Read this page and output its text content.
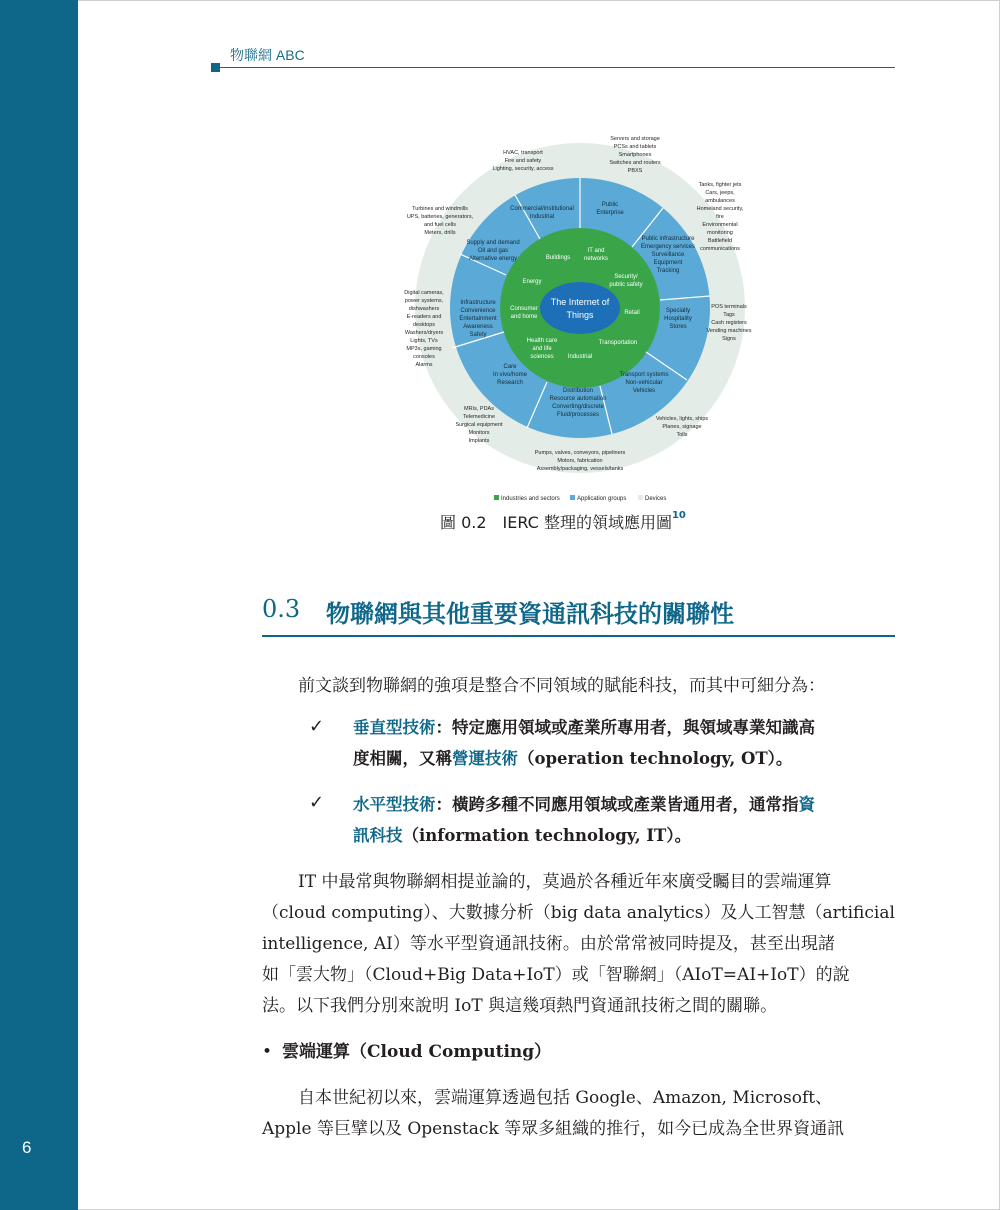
6
物聯網 ABC
The Internet of
Things
Buildings
IT and
networks
Security/
public safety
Retail
Transportation
Industrial
Health care
and life
sciences
Consumer
and home
Energy
Commercial/institutional
Industrial
Public
Enterprise
Public infrastructure
Emergency services
Surveillance
Equipment
Tracking
Specialty
Hospitality
Stores
Transport systems
Non-vehicular
Vehicles
Distribution
Resource automation
Converting/discrete
Fluid/processes
Care
In vivo/home
Research
Infrastructure
Convenience
Entertainment
Awareness
Safety
Supply and demand
Oil and gas
Alternative energy
HVAC, transport
Fire and safety
Lighting, security, access
Servers and storage
PCSs and tablets
Smartphones
Switches and routers
PBXS
Tanks, fighter jets
Cars, jeeps,
ambulances
Homeland security,
fire
Environmental
monitoring
Battlefield
communications
POS terminals
Tags
Cash registers
Vending machines
Signs
Vehicles, lights, ships
Planes, signage
Tolls
Pumps, valves, conveyors, pipeliners
Motors, fabrication
Assembly/packaging, vessels/tanks
MRIs, PDAs
Telemedicine
Surgical equipment
Monitors
Implants
Digital cameras,
power systems,
dishwashers
E-readers and
desktops
Washers/dryers
Lights, TVs
MP3s, gaming
consoles
Alarms
Turbines and windmills
UPS, batteries, generators,
and fuel cells
Meters, drills
Industries and sectors	Application groups	Devices
圖 0.2　IERC 整理的領域應用圖$^{10}$
0.3 物聯網與其他重要資通訊科技的關聯性
前文談到物聯網的強項是整合不同領域的賦能科技，而其中可細分為：
✓ 垂直型技術：特定應用領域或產業所專用者，與領域專業知識高
度相關，又稱營運技術（operation technology, OT）。
✓ 水平型技術：橫跨多種不同應用領域或產業皆通用者，通常指資
訊科技（information technology, IT）。
IT 中最常與物聯網相提並論的，莫過於各種近年來廣受矚目的雲端運算
（cloud computing）、大數據分析（big data analytics）及人工智慧（artificial
intelligence, AI）等水平型資通訊技術。由於常常被同時提及，甚至出現諸
如「雲大物」（Cloud+Big Data+IoT）或「智聯網」（AIoT=AI+IoT）的說
法。以下我們分別來說明 IoT 與這幾項熱門資通訊技術之間的關聯。
• 雲端運算（Cloud Computing）
自本世紀初以來，雲端運算透過包括 Google、Amazon, Microsoft、
Apple 等巨擘以及 Openstack 等眾多組織的推行，如今已成為全世界資通訊
